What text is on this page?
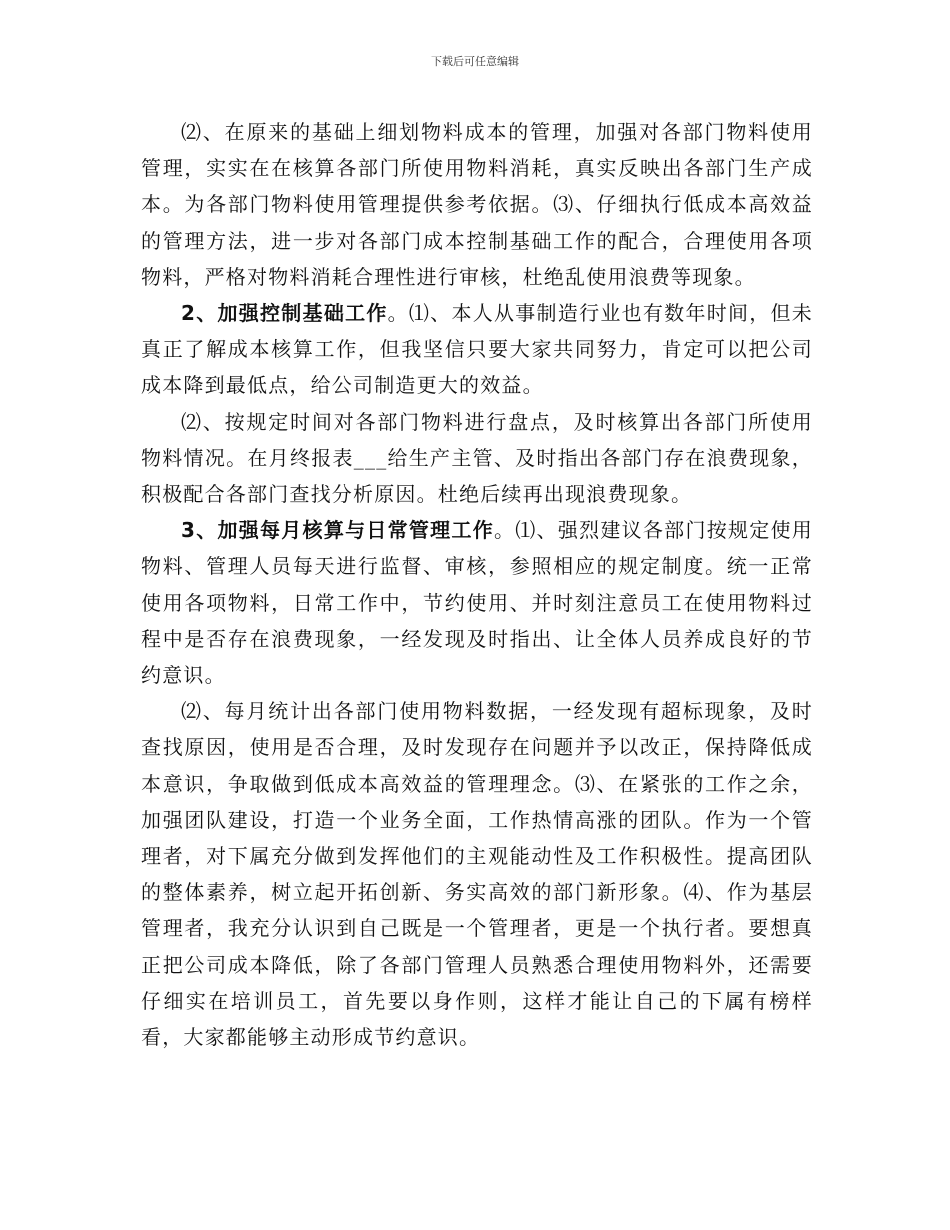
下载后可任意编辑

⑵、在原来的基础上细划物料成本的管理，加强对各部门物料使用管理，实实在在核算各部门所使用物料消耗，真实反映出各部门生产成本。为各部门物料使用管理提供参考依据。⑶、仔细执行低成本高效益的管理方法，进一步对各部门成本控制基础工作的配合，合理使用各项物料，严格对物料消耗合理性进行审核，杜绝乱使用浪费等现象。

2、加强控制基础工作。⑴、本人从事制造行业也有数年时间，但未真正了解成本核算工作，但我坚信只要大家共同努力，肯定可以把公司成本降到最低点，给公司制造更大的效益。

⑵、按规定时间对各部门物料进行盘点，及时核算出各部门所使用物料情况。在月终报表___给生产主管、及时指出各部门存在浪费现象，积极配合各部门查找分析原因。杜绝后续再出现浪费现象。

3、加强每月核算与日常管理工作。⑴、强烈建议各部门按规定使用物料、管理人员每天进行监督、审核，参照相应的规定制度。统一正常使用各项物料，日常工作中，节约使用、并时刻注意员工在使用物料过程中是否存在浪费现象，一经发现及时指出、让全体人员养成良好的节约意识。

⑵、每月统计出各部门使用物料数据，一经发现有超标现象，及时查找原因，使用是否合理，及时发现存在问题并予以改正，保持降低成本意识，争取做到低成本高效益的管理理念。⑶、在紧张的工作之余，加强团队建设，打造一个业务全面，工作热情高涨的团队。作为一个管理者，对下属充分做到发挥他们的主观能动性及工作积极性。提高团队的整体素养，树立起开拓创新、务实高效的部门新形象。⑷、作为基层管理者，我充分认识到自己既是一个管理者，更是一个执行者。要想真正把公司成本降低，除了各部门管理人员熟悉合理使用物料外，还需要仔细实在培训员工，首先要以身作则，这样才能让自己的下属有榜样看，大家都能够主动形成节约意识。
